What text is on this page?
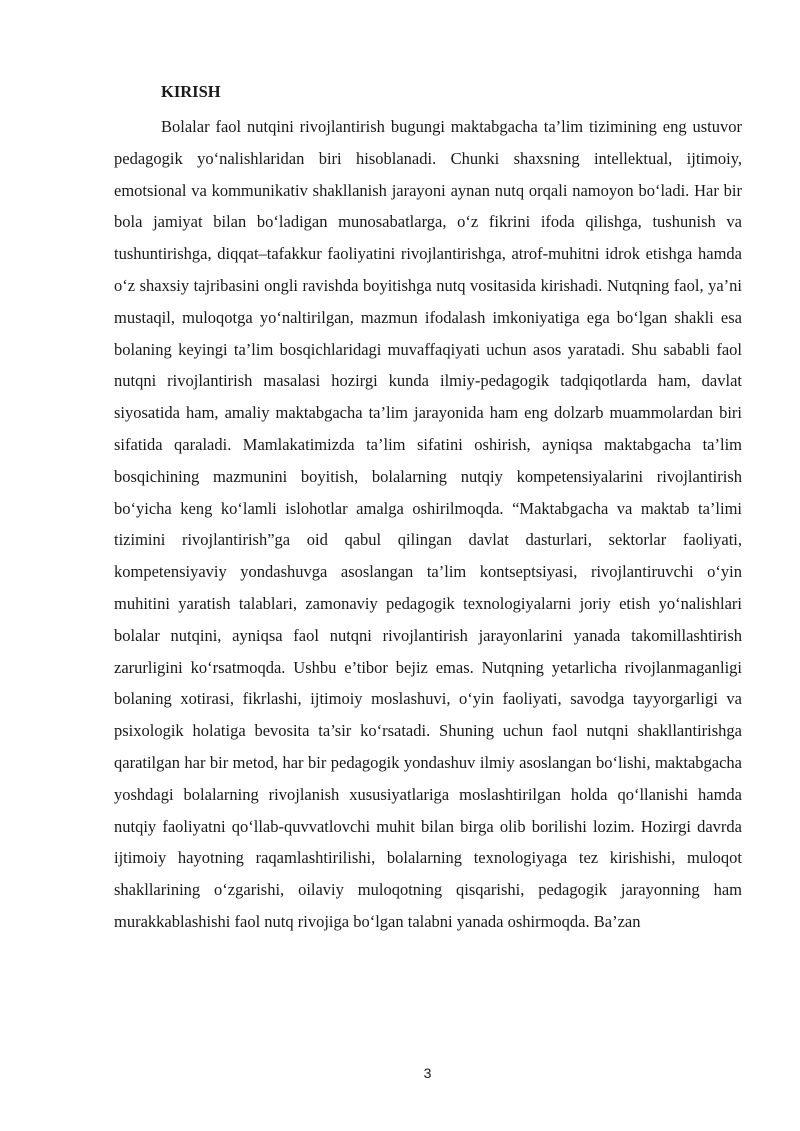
KIRISH

Bolalar faol nutqini rivojlantirish bugungi maktabgacha ta’lim tizimining eng ustuvor pedagogik yo‘nalishlaridan biri hisoblanadi. Chunki shaxsning intellektual, ijtimoiy, emotsional va kommunikativ shakllanish jarayoni aynan nutq orqali namoyon bo‘ladi. Har bir bola jamiyat bilan bo‘ladigan munosabatlarga, o‘z fikrini ifoda qilishga, tushunish va tushuntirishga, diqqat–tafakkur faoliyatini rivojlantirishga, atrof-muhitni idrok etishga hamda o‘z shaxsiy tajribasini ongli ravishda boyitishga nutq vositasida kirishadi. Nutqning faol, ya’ni mustaqil, muloqotga yo‘naltirilgan, mazmun ifodalash imkoniyatiga ega bo‘lgan shakli esa bolaning keyingi ta’lim bosqichlaridagi muvaffaqiyati uchun asos yaratadi. Shu sababli faol nutqni rivojlantirish masalasi hozirgi kunda ilmiy-pedagogik tadqiqotlarda ham, davlat siyosatida ham, amaliy maktabgacha ta’lim jarayonida ham eng dolzarb muammolardan biri sifatida qaraladi. Mamlakatimizda ta’lim sifatini oshirish, ayniqsa maktabgacha ta’lim bosqichining mazmunini boyitish, bolalarning nutqiy kompetensiyalarini rivojlantirish bo‘yicha keng ko‘lamli islohotlar amalga oshirilmoqda. “Maktabgacha va maktab ta’limi tizimini rivojlantirish”ga oid qabul qilingan davlat dasturlari, sektorlar faoliyati, kompetensiyaviy yondashuvga asoslangan ta’lim kontseptsiyasi, rivojlantiruvchi o‘yin muhitini yaratish talablari, zamonaviy pedagogik texnologiyalarni joriy etish yo‘nalishlari bolalar nutqini, ayniqsa faol nutqni rivojlantirish jarayonlarini yanada takomillashtirish zarurligini ko‘rsatmoqda. Ushbu e’tibor bejiz emas. Nutqning yetarlicha rivojlanmaganligi bolaning xotirasi, fikrlashi, ijtimoiy moslashuvi, o‘yin faoliyati, savodga tayyorgarligi va psixologik holatiga bevosita ta’sir ko‘rsatadi. Shuning uchun faol nutqni shakllantirishga qaratilgan har bir metod, har bir pedagogik yondashuv ilmiy asoslangan bo‘lishi, maktabgacha yoshdagi bolalarning rivojlanish xususiyatlariga moslashtirilgan holda qo‘llanishi hamda nutqiy faoliyatni qo‘llab-quvvatlovchi muhit bilan birga olib borilishi lozim. Hozirgi davrda ijtimoiy hayotning raqamlashtirilishi, bolalarning texnologiyaga tez kirishishi, muloqot shakllarining o‘zgarishi, oilaviy muloqotning qisqarishi, pedagogik jarayonning ham murakkablashishi faol nutq rivojiga bo‘lgan talabni yanada oshirmoqda. Ba’zan

3
